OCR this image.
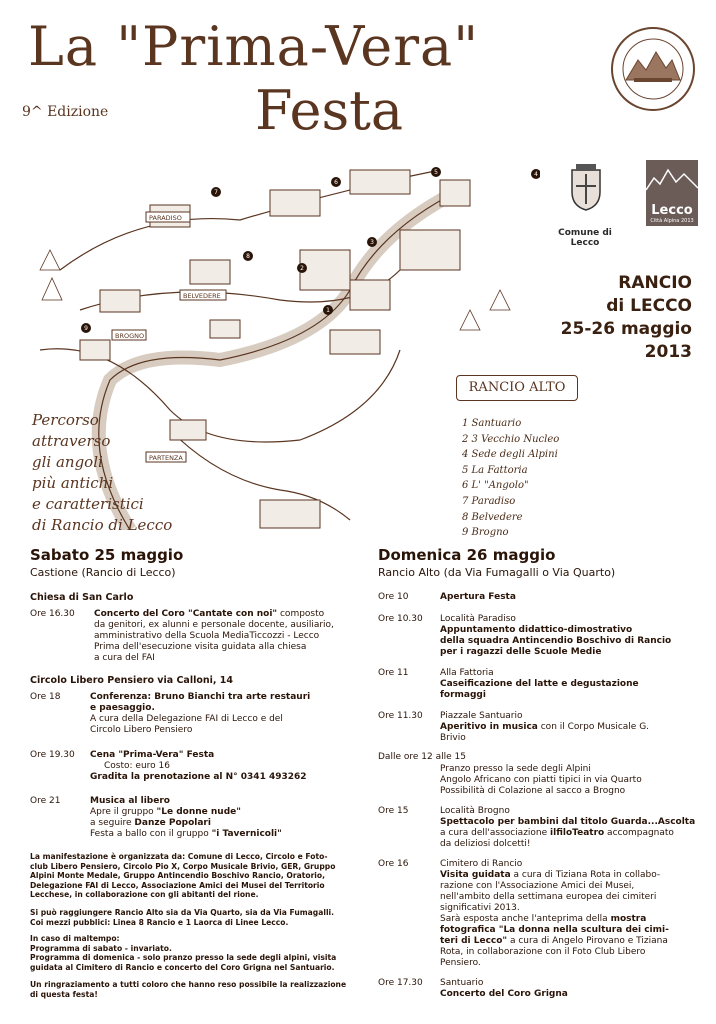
La "Prima-Vera"
9^ Edizione	Festa
Comune di Lecco
Lecco
Città Alpina 2013
RANCIO
di LECCO
25-26 maggio
2013
PARADISO
BELVEDERE
BROGNO
PARTENZA
1
2
3
4
5
6
7
8
9
Percorso
attraverso
gli angoli
più antichi
e caratteristici
di Rancio di Lecco
RANCIO ALTO
1 Santuario
2 3 Vecchio Nucleo
4 Sede degli Alpini
5 La Fattoria
6 L' "Angolo"
7 Paradiso
8 Belvedere
9 Brogno
Sabato 25 maggio
Castione (Rancio di Lecco)
Chiesa di San Carlo
Ore 16.30 Concerto del Coro "Cantate con noi" composto
da genitori, ex alunni e personale docente, ausiliario,
amministrativo della Scuola MediaTiccozzi - Lecco
Prima dell'esecuzione visita guidata alla chiesa
a cura del FAI
Circolo Libero Pensiero via Calloni, 14
Ore 18	Conferenza: Bruno Bianchi tra arte restauri
e paesaggio.
A cura della Delegazione FAI di Lecco e del
Circolo Libero Pensiero
Ore 19.30 Cena "Prima-Vera" Festa
Costo: euro 16
Gradita la prenotazione al N° 0341 493262
Ore 21	Musica al libero
Apre il gruppo "Le donne nude"
a seguire Danze Popolari
Festa a ballo con il gruppo "i Tavernicoli"
La manifestazione è organizzata da: Comune di Lecco, Circolo e Foto-
club Libero Pensiero, Circolo Pio X, Corpo Musicale Brivio, GER, Gruppo
Alpini Monte Medale, Gruppo Antincendio Boschivo Rancio, Oratorio,
Delegazione FAI di Lecco, Associazione Amici dei Musei del Territorio
Lecchese, in collaborazione con gli abitanti del rione.
Si può raggiungere Rancio Alto sia da Via Quarto, sia da Via Fumagalli.
Coi mezzi pubblici: Linea 8 Rancio e 1 Laorca di Linee Lecco.
In caso di maltempo:
Programma di sabato - invariato.
Programma di domenica - solo pranzo presso la sede degli alpini, visita
guidata al Cimitero di Rancio e concerto del Coro Grigna nel Santuario.
Un ringraziamento a tutti coloro che hanno reso possibile la realizzazione
di questa festa!
Domenica 26 maggio
Rancio Alto (da Via Fumagalli o Via Quarto)
Ore 10	Apertura Festa
Ore 10.30 Località Paradiso
Appuntamento didattico-dimostrativo
della squadra Antincendio Boschivo di Rancio
per i ragazzi delle Scuole Medie
Ore 11	Alla Fattoria
Caseificazione del latte e degustazione
formaggi
Ore 11.30 Piazzale Santuario
Aperitivo in musica con il Corpo Musicale G.
Brivio
Dalle ore 12 alle 15
Pranzo presso la sede degli Alpini
Angolo Africano con piatti tipici in via Quarto
Possibilità di Colazione al sacco a Brogno
Ore 15	Località Brogno
Spettacolo per bambini dal titolo Guarda...Ascolta
a cura dell'associazione ilfiloTeatro accompagnato
da deliziosi dolcetti!
Ore 16	Cimitero di Rancio
Visita guidata a cura di Tiziana Rota in collabo-
razione con l'Associazione Amici dei Musei,
nell'ambito della settimana europea dei cimiteri
significativi 2013.
Sarà esposta anche l'anteprima della mostra
fotografica "La donna nella scultura dei cimi-
teri di Lecco" a cura di Angelo Pirovano e Tiziana
Rota, in collaborazione con il Foto Club Libero
Pensiero.
Ore 17.30 Santuario
Concerto del Coro Grigna
